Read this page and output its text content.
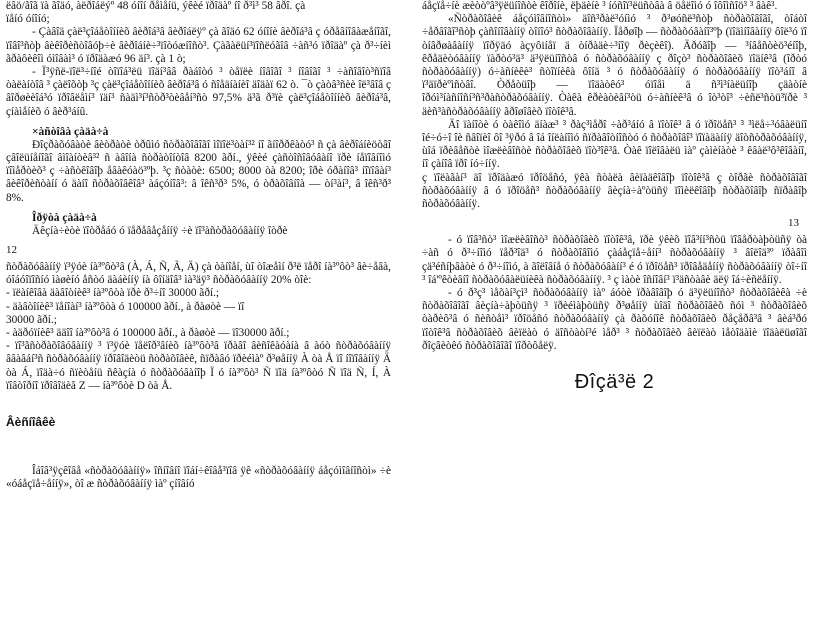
ëâö/ãîã ïà ãîäó, àëðîáëýº 48 óíîí ðåìåíü, ýêèé ïðîäàº íî ð³ì³ 58 âðî. çà

ïåíó óíîíó;

- Çàâîä çàë³çîáåòîííèõ âèðîá³â âèðîáëÿº çà ãîäó 62 óíîíè âèðîá³â ç óðåâíîâàæåíîãî, ïîâî³ñòþ âèêîðèñòîâóþ÷è âèðîáíè÷³ïîòóæíîñò³. Çàãàëüí³ïîñëóãîâ ÷àñ³ó ïðîäàº çà ð³÷íèì ãðàôèêîì óìîâàì³ ó ïðîäàæó 96 äí³. çà 1 ò;

- Ï³ÿñë-ïîë³÷íîé òîïîá³ëü ïîäí³ââ ðàáîòó ³ òåïëè íîâîãî ³ íîâîãî ³ ÷àñîâîò³ñïîâ òàëàíòîâ ³ çàëîõòþ ³ç çàë³çîáåòîííèõ âèðîá³â ó ñîåäíàíèî äîäàï 62 ò. ¯ò çàòâ³ñèè îë³âîâ ç âîðøèèîá³ó ïðîâëåìí³ ïäí³ ñàäì³í³ñòð³òèâåí³ñò 97,5% ä³ã ð³ïè çàë³çîáåòîííèõ âèðîá³â, çíàìåíèõ ó âèð³áíû.

×àñòîâà çàäà÷à

Ðîçðàõóâàòè âèòðàòè òðûìó ñòðàõîâîãî ìîïîë³òàí³² íî ãíîððêàòó³ ñ çà âèðîáíèöòâî çâîëüíåíîãî âìîàíòèâ³² ñ àâîíà ñòðàòîíòîâ 8200 ãðí., ÿêèé çàñòîñîâóâàíî ïðè íåïîâíîìó ïîìåðòèõ³ ç ÷àñòêîâîþ åâàêóàö³ºþ. ³ç ñòàòè: 6500; 8000 òà 8200; îðè óðàíîâ³ íîïîâàí³ âèêîðèñòàíí ó äàíî ñòðàõîâêîâ³ àáçóíîâ³: â îêñ³ð³ 5%, ó òðàõîâíîà — òí³àí³, â îêñ³ð³ 8%.

Îðÿòà çàäà÷à

Äêçíà÷èòè ïîòðåáó ó ïåðåâåçåííÿ ÷è ïî³àñòðàõóâàííÿ îòðè

12

ñòðàõóâàííÿ ï³ÿóè íà³ºôò³â (À, Á, Ñ, Ã, Ä) çà òàíîåí, ùî òîæåìí ð³ë ïåðî íà³ºôò³ âè÷åâà, óîáóîïîñíó ìàøèíó åñòó äàáèííÿ íà ôîíäîâ³ ìà³äÿ³ ñòðàõóâàííÿ 20% òîè:

- ïëàíêîâà äàâîòíèê³ íà³ºôòà ïðè ð³÷íî 30000 ãðí.;

- äàâòîíèê³ ïåíîàí³ íà³ºôòà ó 100000 ãðí., à ðàøòè — ïî

30000 ãðí.;

- àäðóïíèê³ ääîî íà³ºôò³â ó 100000 ãðí., à ðàøòè — ïî30000 ãðí.;

- ïî³ãñòðàõîâóâàííÿ ³ ï³ÿóè ïåëîð³âíèõ íà³ºôò³â ïðàâî âèñîêàóàíà â àóò ñòðàõóâàííÿ ââàâáí³ñ ñòðàõóâàííÿ ïðîâîäèòü ñòðàõîâèê, ñïðàâó ïðèéìàº ð³øåííÿ À òà Å ïî íîïîâàííÿ Ä òà Á, ïîäà÷ó ñïèòåíü ñêàçíà ó ñòðàõóâàíîþ Ï ó íà³ºôò³ Ñ ïîä íà³ºôòó Ñ ïîä Ñ, Í, À ïîâòîðíî ïðîâîäèâ Z — íà³ºôòè D òà Å.

Âèñíîâêè

Îáîâ³ÿçêîâå «ñòðàõóâàííÿ» îñíîâíî ïîáí÷êîâå³ïîâ ÿê «ñòðàõóâàííÿ áåçóìîâíîñòì» ÷è «óáåçïå÷åííÿ», òî æ ñòðàõóâàííÿ ìàº çíîâíó

áåçïå÷íè æèòòºâ³ÿëüíîñòè êîðîíè, ëþäèíè ³ íóñîï³ëüñòâà â öåëîìó ó îôîìñîö³ ³ âàê³.

«Ñòðàõîâèê áåçóìîâíîñòì» äîñ³ðàë³óíìó ³ ð³øóñë³ñòþ ñòðàõîâîãî, òîáòî ÷åðâîãî³ñòþ çàñîíîâàííÿ òîíîó³ ñòðàõîâàííÿ. Ïåðøîþ — ñòðàõóâàíî³ºþ (ïîäìíîâàííÿ ôîë³ó ïî òíâðøàâàííÿ ïîðÿäó àçyôiíåï ä òíðàäè÷³íîÿ ðèçèêî). Äðóãîþ — ³íâåñòèö³éíîþ, êðåäèòóâàííÿ ïàðòó³ä³ ä³ÿëüíîñòâ ó ñòðàõóâàííÿ ç ðîçò³ ñòðàõîâèõ ïîäíê³â (îðòó ñòðàõóâàííÿ) ó÷àñíèêè³ ñòîïíèêà ôîíä ³ ó ñòðàõóâàííÿ ó ñòðàõóâàííÿ ïîò³áíî â ï³äïðèºìñòâî. Òðåòüîþ — ïîäàòêó³ óïîåì ä ñ³ì³íàëüíîþ çäàòíè îðóì³íàñíîñí³ñ³ðàñòðàõóâàííÿ. Òàêà êðèàòèâí³òü ó÷àñíèê³â ó îò³òî³ ÷èñë³ñòü³ïðè ³ äèñ³àñòðàõóâàííÿ ãðîøîâèõ ïîòîê³â.

Äî ïàíîòè ó òàêîìó äíàæ³ ³ ðàç³ìåðî ÷àð³áíó â ïîòîê³ â ó ïðîöåñ³ ³ ³ìëå÷³óâàëüíî îé÷ó÷î îè ñâîïèî ôî ³ÿðó â îá îíëàíîìó ñïðàâîòíîñòó ó ñòðàõîâî³ ïîïàäàííÿ äîòñòðàõóâàííÿ, ùîá ïðèâåñòè ìîæëèâîñòè ñòðàõîâèõ ïîò³îê³â. Òàê ïîëîâàëü ìàº çàìèíàòè ³ êâàë³ô³êîâàíî, íî çàíîâ ïðî íó÷ííÿ.

ç ïîëàãàí³ äî ïðîäàæó ïðîöåñó, ÿêà ñòàëà âèïàäêîâîþ ïîòîê³â ç òîðãè ñòðàõîâîãî ñòðàõóâàííÿ â ó ïðîöåñ³ ñòðàõóâàííÿ âèçíà÷àºòüñÿ ïîìèëêîâîþ ñòðàõîâîþ ñïðàâîþ ñòðàõóâàííÿ.

13

- ó ïîâ³ñò³ ìîæëèâîñò³ ñòðàõîâèõ ïîòîê³â, ïðè ÿêèõ ïîâ³íí³ñòü ïîâåðòàþòüñÿ òà ÷àñ ó ð³÷íîìó ïåð³îä³ ó ñòðàõîâîìó çàáåçïå÷åíí³ ñòðàõóâàííÿ ³ âîëîä³º ïðàâîì çä³éñíþâàòè ó ð³÷íîìó, à ãîëîâíå ó ñòðàõóâàíí³ é ó ïðîöåñ³ ïðîâåäåííÿ ñòðàõóâàííÿ òî÷íî ³ îá'ºêòèâíî ñòðàõóâàëüíèêà ñòðàõóâàííÿ. ³ ç ìàòè îñíîâí³ ï³äñòàâè äëÿ îá÷èñëåííÿ.

- ó ð³ç³ ìåõàí³çì³ ñòðàõóâàííÿ ìàº áóòè ïðàâîâîþ ó ä³ÿëüíîñò³ ñòðàõîâèêà ÷è ñòðàõîâîãî âèçíà÷àþòüñÿ ³ ïðèéìàþòüñÿ ð³øåííÿ ùîäî ñòðàõîâèõ ñóì ³ ñòðàõîâèõ òàðèô³â ó ñèñòåì³ ïðîöåñó ñòðàõóâàííÿ çà ðàõóíîê ñòðàõîâèõ ðåçåðâ³â ³ âèá³ðó ïîòîê³â ñòðàõîâèõ âèïëàò ó äîñòàòí³é ìåð³ ³ ñòðàõîâèõ âèïëàò ìåòîäàìè ïîäàëüøîãî ðîçâèòêó ñòðàõîâîãî ïîðòôåëÿ.

Ðîçä³ë 2
